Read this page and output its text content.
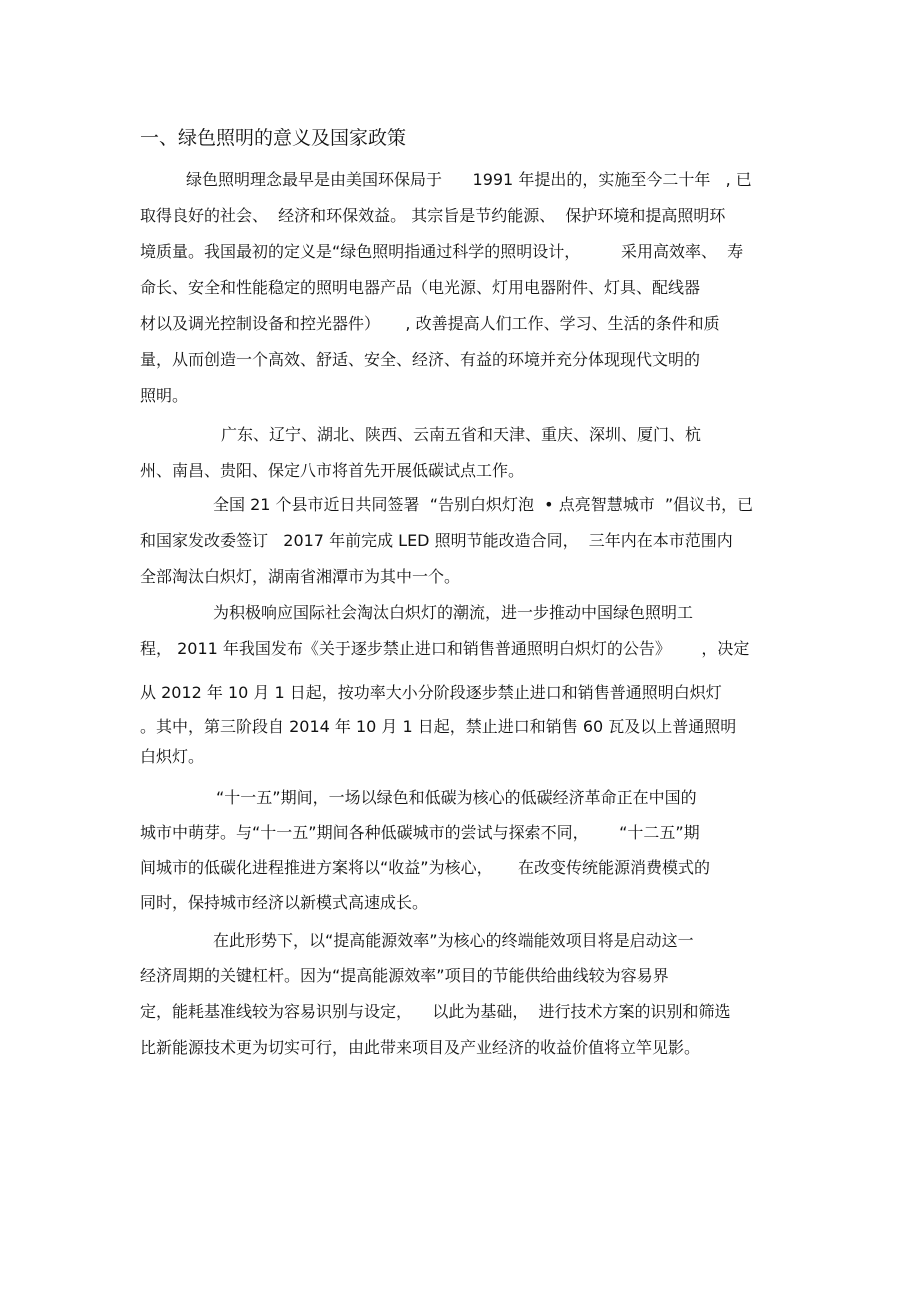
一、绿色照明的意义及国家政策
绿色照明理念最早是由美国环保局于      1991 年提出的，实施至今二十年   , 已
取得良好的社会、  经济和环保效益。 其宗旨是节约能源、  保护环境和提高照明环
境质量。我国最初的定义是“绿色照明指通过科学的照明设计，        采用高效率、  寿
命长、安全和性能稳定的照明电器产品（电光源、灯用电器附件、灯具、配线器
材以及调光控制设备和控光器件）     , 改善提高人们工作、学习、生活的条件和质
量，从而创造一个高效、舒适、安全、经济、有益的环境并充分体现现代文明的
照明。
广东、辽宁、湖北、陕西、云南五省和天津、重庆、深圳、厦门、杭
州、南昌、贵阳、保定八市将首先开展低碳试点工作。
全国 21 个县市近日共同签署  “告别白炽灯泡  • 点亮智慧城市  ”倡议书，已
和国家发改委签订   2017 年前完成 LED 照明节能改造合同，  三年内在本市范围内
全部淘汰白炽灯，湖南省湘潭市为其中一个。
为积极响应国际社会淘汰白炽灯的潮流，进一步推动中国绿色照明工
程， 2011 年我国发布《关于逐步禁止进口和销售普通照明白炽灯的公告》      ，决定
从 2012 年 10 月 1 日起，按功率大小分阶段逐步禁止进口和销售普通照明白炽灯
。其中，第三阶段自 2014 年 10 月 1 日起，禁止进口和销售 60 瓦及以上普通照明
白炽灯。
“十一五”期间，一场以绿色和低碳为核心的低碳经济革命正在中国的
城市中萌芽。与“十一五”期间各种低碳城市的尝试与探索不同，      “十二五”期
间城市的低碳化进程推进方案将以“收益”为核心，     在改变传统能源消费模式的
同时，保持城市经济以新模式高速成长。
在此形势下，以“提高能源效率”为核心的终端能效项目将是启动这一
经济周期的关键杠杆。因为“提高能源效率”项目的节能供给曲线较为容易界
定，能耗基准线较为容易识别与设定，    以此为基础，  进行技术方案的识别和筛选
比新能源技术更为切实可行，由此带来项目及产业经济的收益价值将立竿见影。
